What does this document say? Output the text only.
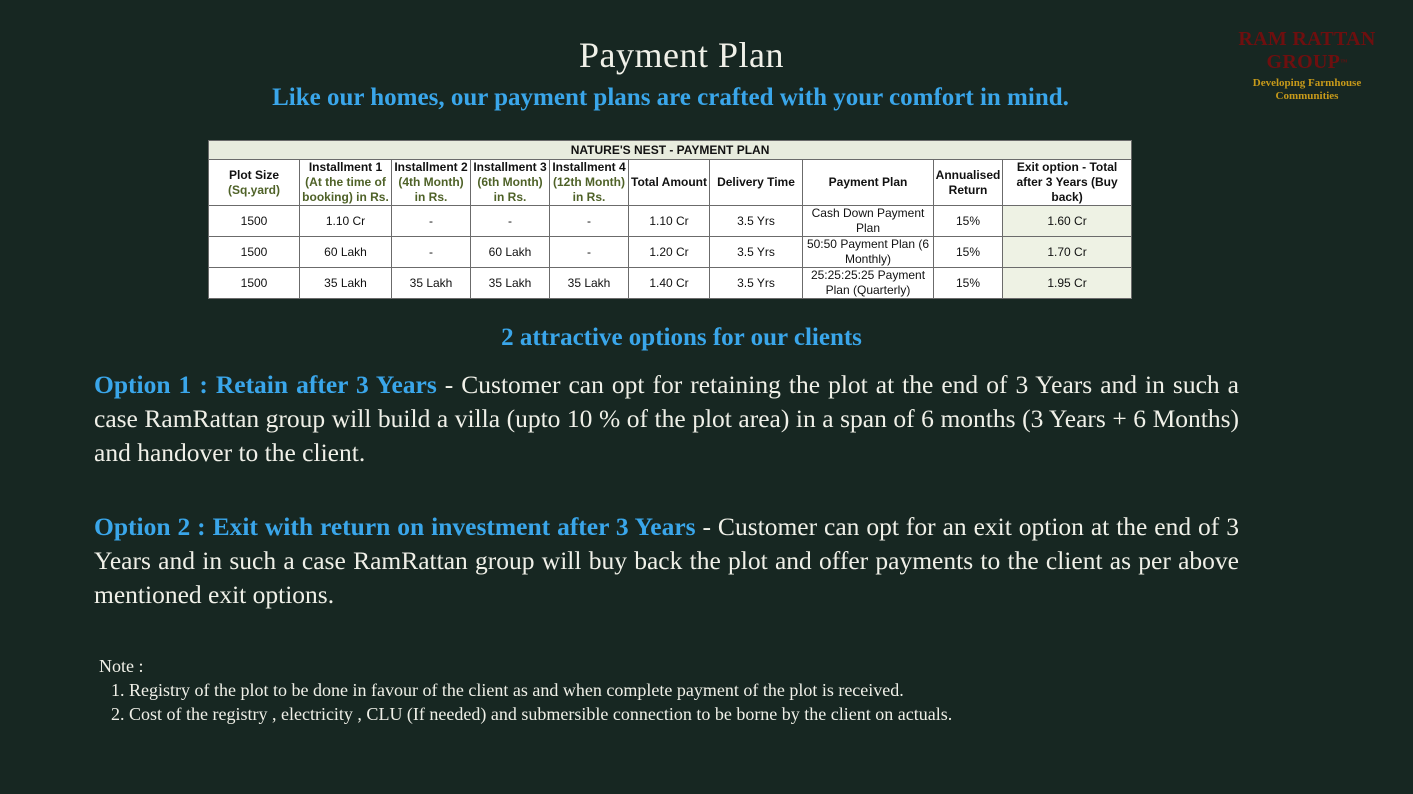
Payment Plan
Like our homes, our payment plans are crafted with your comfort in mind.
RAM RATTAN GROUP™
Developing Farmhouse Communities
NATURE'S NEST - PAYMENT PLAN									
Plot Size (Sq.yard)	Installment 1 (At the time of booking) in Rs.	Installment 2 (4th Month) in Rs.	Installment 3 (6th Month) in Rs.	Installment 4 (12th Month) in Rs.	Total Amount	Delivery Time	Payment Plan	Annualised Return	Exit option - Total after 3 Years (Buy back)
1500	1.10 Cr	-	-	-	1.10 Cr	3.5 Yrs	Cash Down Payment Plan	15%	1.60 Cr
1500	60 Lakh	-	60 Lakh	-	1.20 Cr	3.5 Yrs	50:50 Payment Plan (6 Monthly)	15%	1.70 Cr
1500	35 Lakh	35 Lakh	35 Lakh	35 Lakh	1.40 Cr	3.5 Yrs	25:25:25:25 Payment Plan (Quarterly)	15%	1.95 Cr
2 attractive options for our clients

Option 1 : Retain after 3 Years - Customer can opt for retaining the plot at the end of 3 Years and in such a case RamRattan group will build a villa (upto 10 % of the plot area) in a span of 6 months (3 Years + 6 Months) and handover to the client.

Option 2 : Exit with return on investment after 3 Years - Customer can opt for an exit option at the end of 3 Years and in such a case RamRattan group will buy back the plot and offer payments to the client as per above mentioned exit options.

Note :
1. Registry of the plot to be done in favour of the client as and when complete payment of the plot is received.
2. Cost of the registry , electricity , CLU (If needed) and submersible connection to be borne by the client on actuals.
